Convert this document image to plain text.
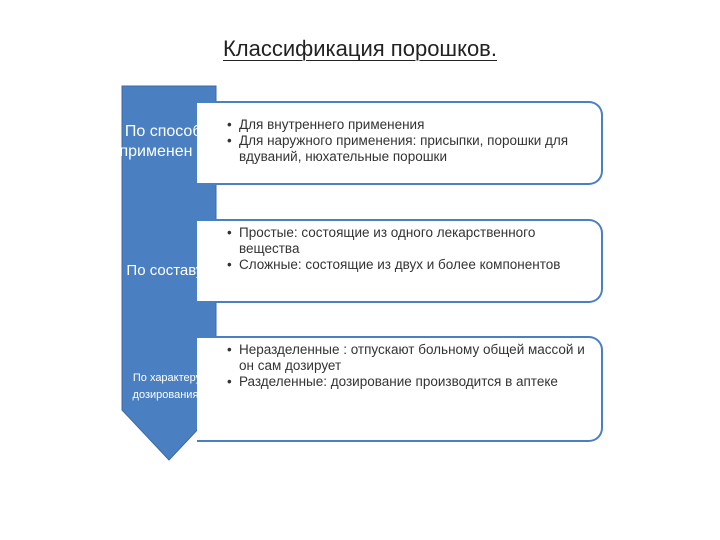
Классификация порошков.
• Для внутреннего применения
• Для наружного применения: присыпки, порошки для вдуваний, нюхательные порошки
• Простые: состоящие из одного лекарственного вещества
• Сложные: состоящие из двух и более компонентов
• Неразделенные : отпускают больному общей массой и он сам дозирует
• Разделенные: дозирование производится в аптеке
По способу применен ия
По составу:
По характеру дозирования:
